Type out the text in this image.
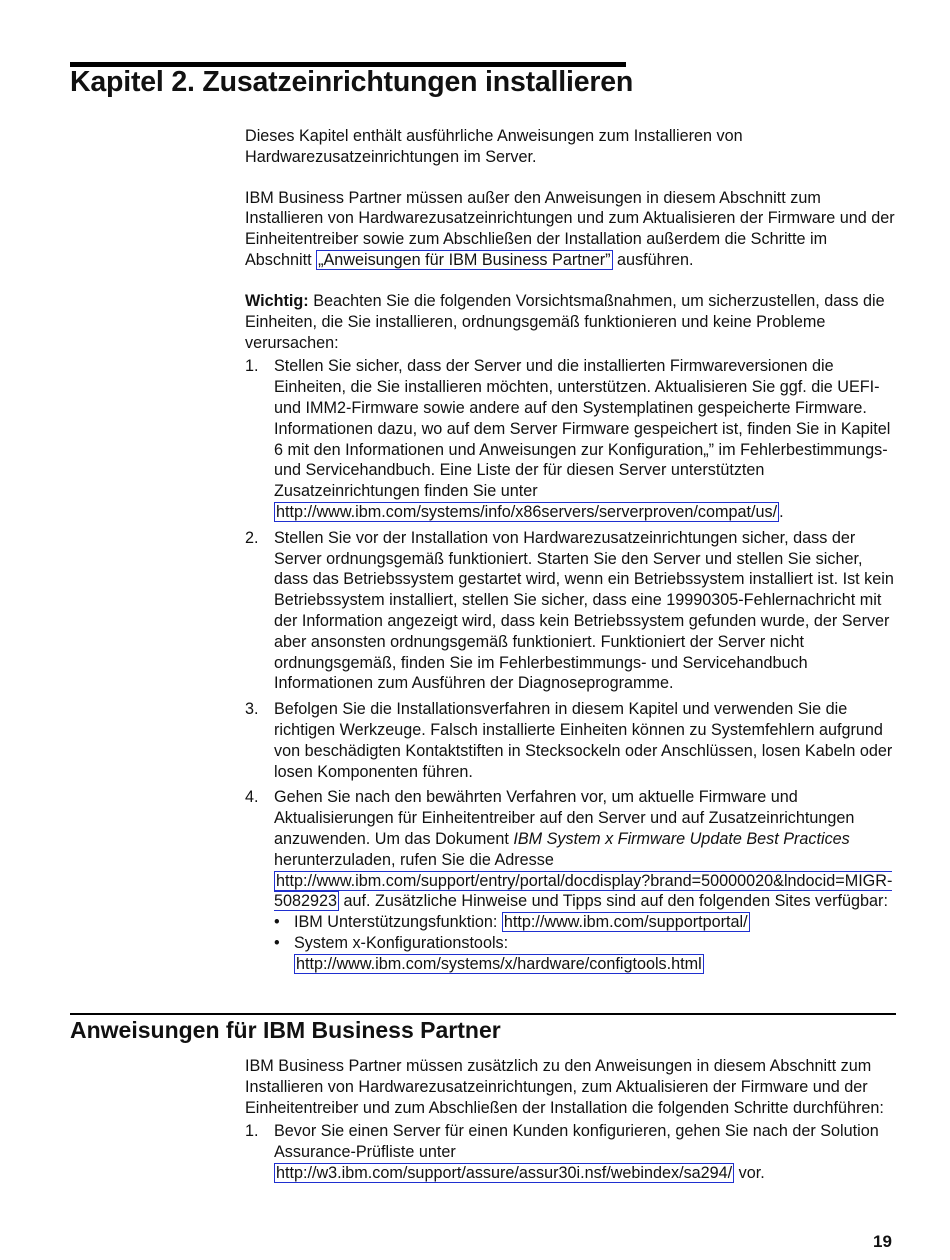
Kapitel 2. Zusatzeinrichtungen installieren

Dieses Kapitel enthält ausführliche Anweisungen zum Installieren von Hardwarezusatzeinrichtungen im Server.

IBM Business Partner müssen außer den Anweisungen in diesem Abschnitt zum Installieren von Hardwarezusatzeinrichtungen und zum Aktualisieren der Firmware und der Einheitentreiber sowie zum Abschließen der Installation außerdem die Schritte im Abschnitt „Anweisungen für IBM Business Partner” ausführen.

Wichtig: Beachten Sie die folgenden Vorsichtsmaßnahmen, um sicherzustellen, dass die Einheiten, die Sie installieren, ordnungsgemäß funktionieren und keine Probleme verursachen:

1. Stellen Sie sicher, dass der Server und die installierten Firmwareversionen die Einheiten, die Sie installieren möchten, unterstützen. Aktualisieren Sie ggf. die UEFI- und IMM2-Firmware sowie andere auf den Systemplatinen gespeicherte Firmware. Informationen dazu, wo auf dem Server Firmware gespeichert ist, finden Sie in Kapitel 6 mit den Informationen und Anweisungen zur Konfiguration„” im Fehlerbestimmungs- und Servicehandbuch. Eine Liste der für diesen Server unterstützten Zusatzeinrichtungen finden Sie unter http://www.ibm.com/systems/info/x86servers/serverproven/compat/us/ .
2. Stellen Sie vor der Installation von Hardwarezusatzeinrichtungen sicher, dass der Server ordnungsgemäß funktioniert. Starten Sie den Server und stellen Sie sicher, dass das Betriebssystem gestartet wird, wenn ein Betriebssystem installiert ist. Ist kein Betriebssystem installiert, stellen Sie sicher, dass eine 19990305-Fehlernachricht mit der Information angezeigt wird, dass kein Betriebssystem gefunden wurde, der Server aber ansonsten ordnungsgemäß funktioniert. Funktioniert der Server nicht ordnungsgemäß, finden Sie im Fehlerbestimmungs- und Servicehandbuch Informationen zum Ausführen der Diagnoseprogramme.
3. Befolgen Sie die Installationsverfahren in diesem Kapitel und verwenden Sie die richtigen Werkzeuge. Falsch installierte Einheiten können zu Systemfehlern aufgrund von beschädigten Kontaktstiften in Stecksockeln oder Anschlüssen, losen Kabeln oder losen Komponenten führen.
4. Gehen Sie nach den bewährten Verfahren vor, um aktuelle Firmware und Aktualisierungen für Einheitentreiber auf den Server und auf Zusatzeinrichtungen anzuwenden. Um das Dokument IBM System x Firmware Update Best Practices herunterzuladen, rufen Sie die Adresse http://www.ibm.com/support/entry/portal/docdisplay?brand=50000020&lndocid=MIGR-5082923 auf. Zusätzliche Hinweise und Tipps sind auf den folgenden Sites verfügbar:
• IBM Unterstützungsfunktion: http://www.ibm.com/supportportal/
• System x-Konfigurationstools: http://www.ibm.com/systems/x/hardware/configtools.html
Anweisungen für IBM Business Partner

IBM Business Partner müssen zusätzlich zu den Anweisungen in diesem Abschnitt zum Installieren von Hardwarezusatzeinrichtungen, zum Aktualisieren der Firmware und der Einheitentreiber und zum Abschließen der Installation die folgenden Schritte durchführen:

1. Bevor Sie einen Server für einen Kunden konfigurieren, gehen Sie nach der Solution Assurance-Prüfliste unter http://w3.ibm.com/support/assure/assur30i.nsf/webindex/sa294/ vor.
19
